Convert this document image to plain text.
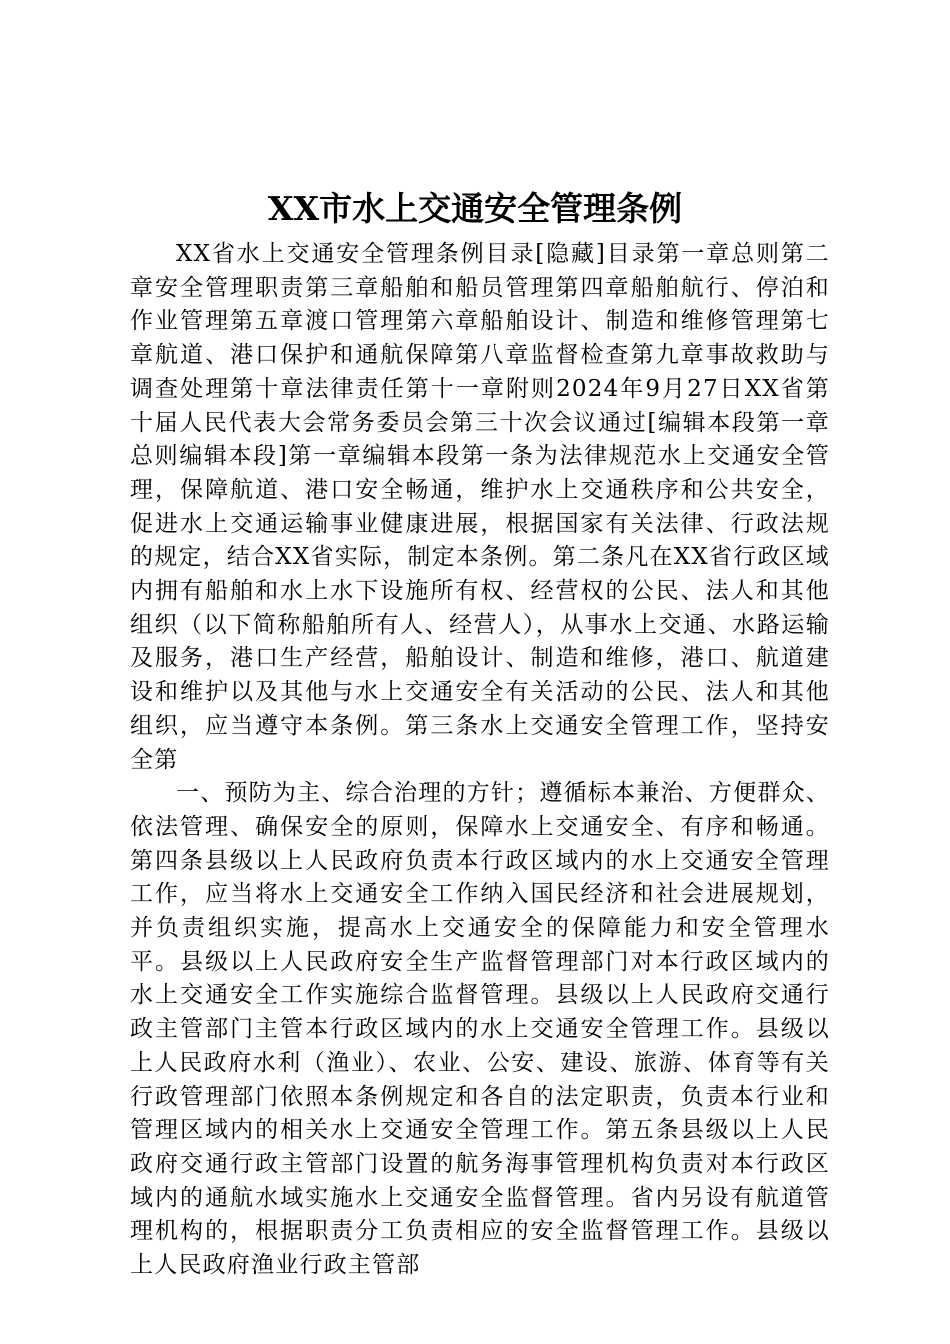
XX市水上交通安全管理条例

XX省水上交通安全管理条例目录[隐藏]目录第一章总则第二章安全管理职责第三章船舶和船员管理第四章船舶航行、停泊和作业管理第五章渡口管理第六章船舶设计、制造和维修管理第七章航道、港口保护和通航保障第八章监督检查第九章事故救助与调查处理第十章法律责任第十一章附则2024年9月27日XX省第十届人民代表大会常务委员会第三十次会议通过[编辑本段第一章总则编辑本段]第一章编辑本段第一条为法律规范水上交通安全管理，保障航道、港口安全畅通，维护水上交通秩序和公共安全，促进水上交通运输事业健康进展，根据国家有关法律、行政法规的规定，结合XX省实际，制定本条例。第二条凡在XX省行政区域内拥有船舶和水上水下设施所有权、经营权的公民、法人和其他组织（以下简称船舶所有人、经营人），从事水上交通、水路运输及服务，港口生产经营，船舶设计、制造和维修，港口、航道建设和维护以及其他与水上交通安全有关活动的公民、法人和其他组织，应当遵守本条例。第三条水上交通安全管理工作，坚持安全第

一、预防为主、综合治理的方针；遵循标本兼治、方便群众、依法管理、确保安全的原则，保障水上交通安全、有序和畅通。第四条县级以上人民政府负责本行政区域内的水上交通安全管理工作，应当将水上交通安全工作纳入国民经济和社会进展规划，并负责组织实施，提高水上交通安全的保障能力和安全管理水平。县级以上人民政府安全生产监督管理部门对本行政区域内的水上交通安全工作实施综合监督管理。县级以上人民政府交通行政主管部门主管本行政区域内的水上交通安全管理工作。县级以上人民政府水利（渔业）、农业、公安、建设、旅游、体育等有关行政管理部门依照本条例规定和各自的法定职责，负责本行业和管理区域内的相关水上交通安全管理工作。第五条县级以上人民政府交通行政主管部门设置的航务海事管理机构负责对本行政区域内的通航水域实施水上交通安全监督管理。省内另设有航道管理机构的，根据职责分工负责相应的安全监督管理工作。县级以上人民政府渔业行政主管部
